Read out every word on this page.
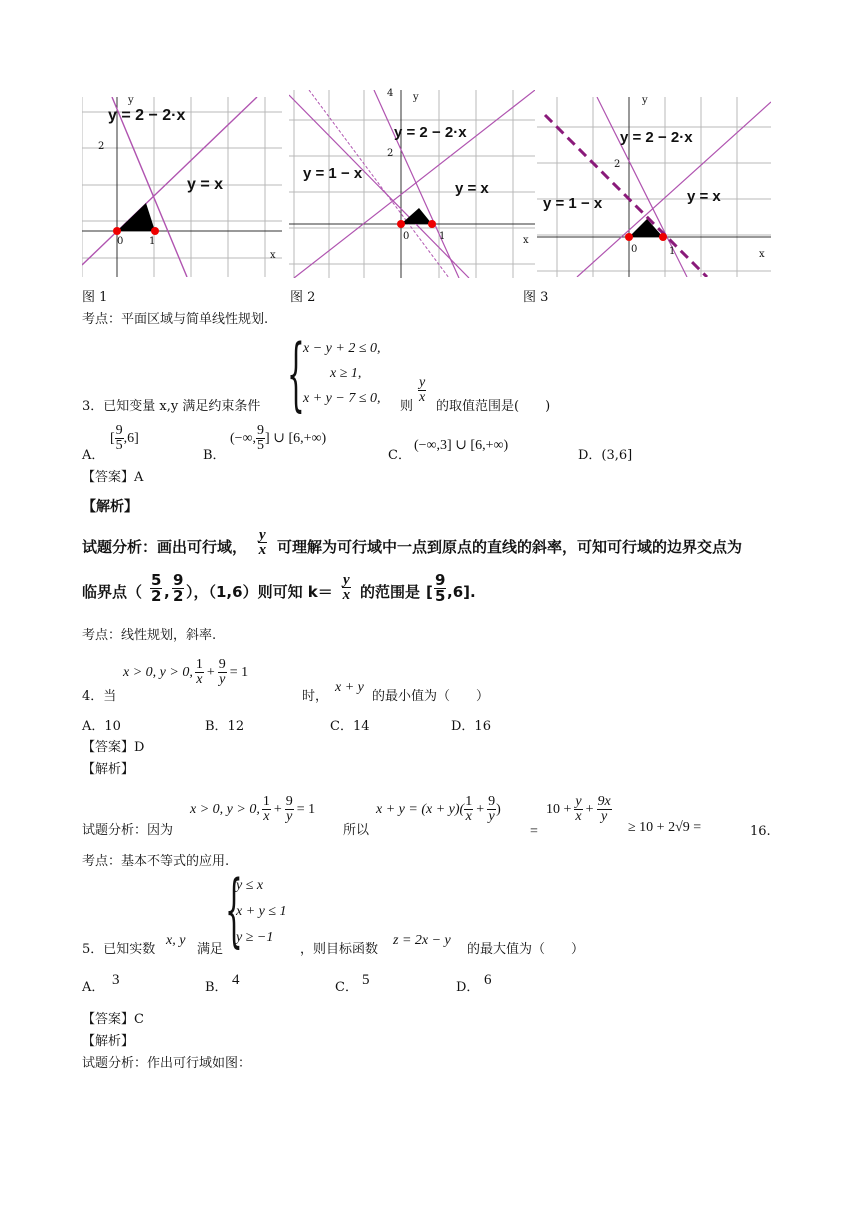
y = 2 − 2·x
y = x
2
y
x
0	1
y = 2 − 2·x
y = x
y = 1 − x
4
2
y
x
0	1
y = 2 − 2·x
y = x
y = 1 − x
2
y
x
0	1
图 1	图 2	图 3
考点：平面区域与简单线性规划.
{
x − y + 2 ≤ 0,
x ≥ 1,
x + y − 7 ≤ 0,
3．已知变量 x,y 满足约束条件	则
$\frac{y}{x}$
的取值范围是(　　)
A．
[ $\frac{9}{5} ,6$]
B．
(−∞, $\frac{9}{5}$ ] ∪ [6,+∞)
C．
(−∞,3] ∪ [6,+∞)
D．(3,6]
【答案】A
【解析】
试题分析：画出可行域， $\frac{y}{x}$ 可理解为可行域中一点到原点的直线的斜率，可知可行域的边界交点为
临界点（ $\frac{5}{2}$ , $\frac{9}{2}$ ），（1,6）则可知 $k= \frac{y}{x}$ 的范围是 [ $\frac{9}{5} ,6$].
考点：线性规划，斜率.
x > 0, y > 0, $\frac{1}{x} + \frac{9}{y} = 1$
4．当	时，
x + y
的最小值为（　　）
A．10	B．12	C．14	D．16
【答案】D
【解析】
x > 0, y > 0, $\frac{1}{x} + \frac{9}{y} = 1$
试题分析：因为	所以
$x + y = (x + y)( \frac{1}{x} + \frac{9}{y}$ )
=
$10 + \frac{y}{x} + \frac{9x}{y}$
≥ 10 + 2√9 =	16.
考点：基本不等式的应用.
{
y ≤ x
x + y ≤ 1
y ≥ −1
5．已知实数
x, y
满足	，则目标函数
z = 2x − y
的最大值为（　　）
A． 3	B． 4	C． 5	D． 6
【答案】C
【解析】
试题分析：作出可行域如图：
